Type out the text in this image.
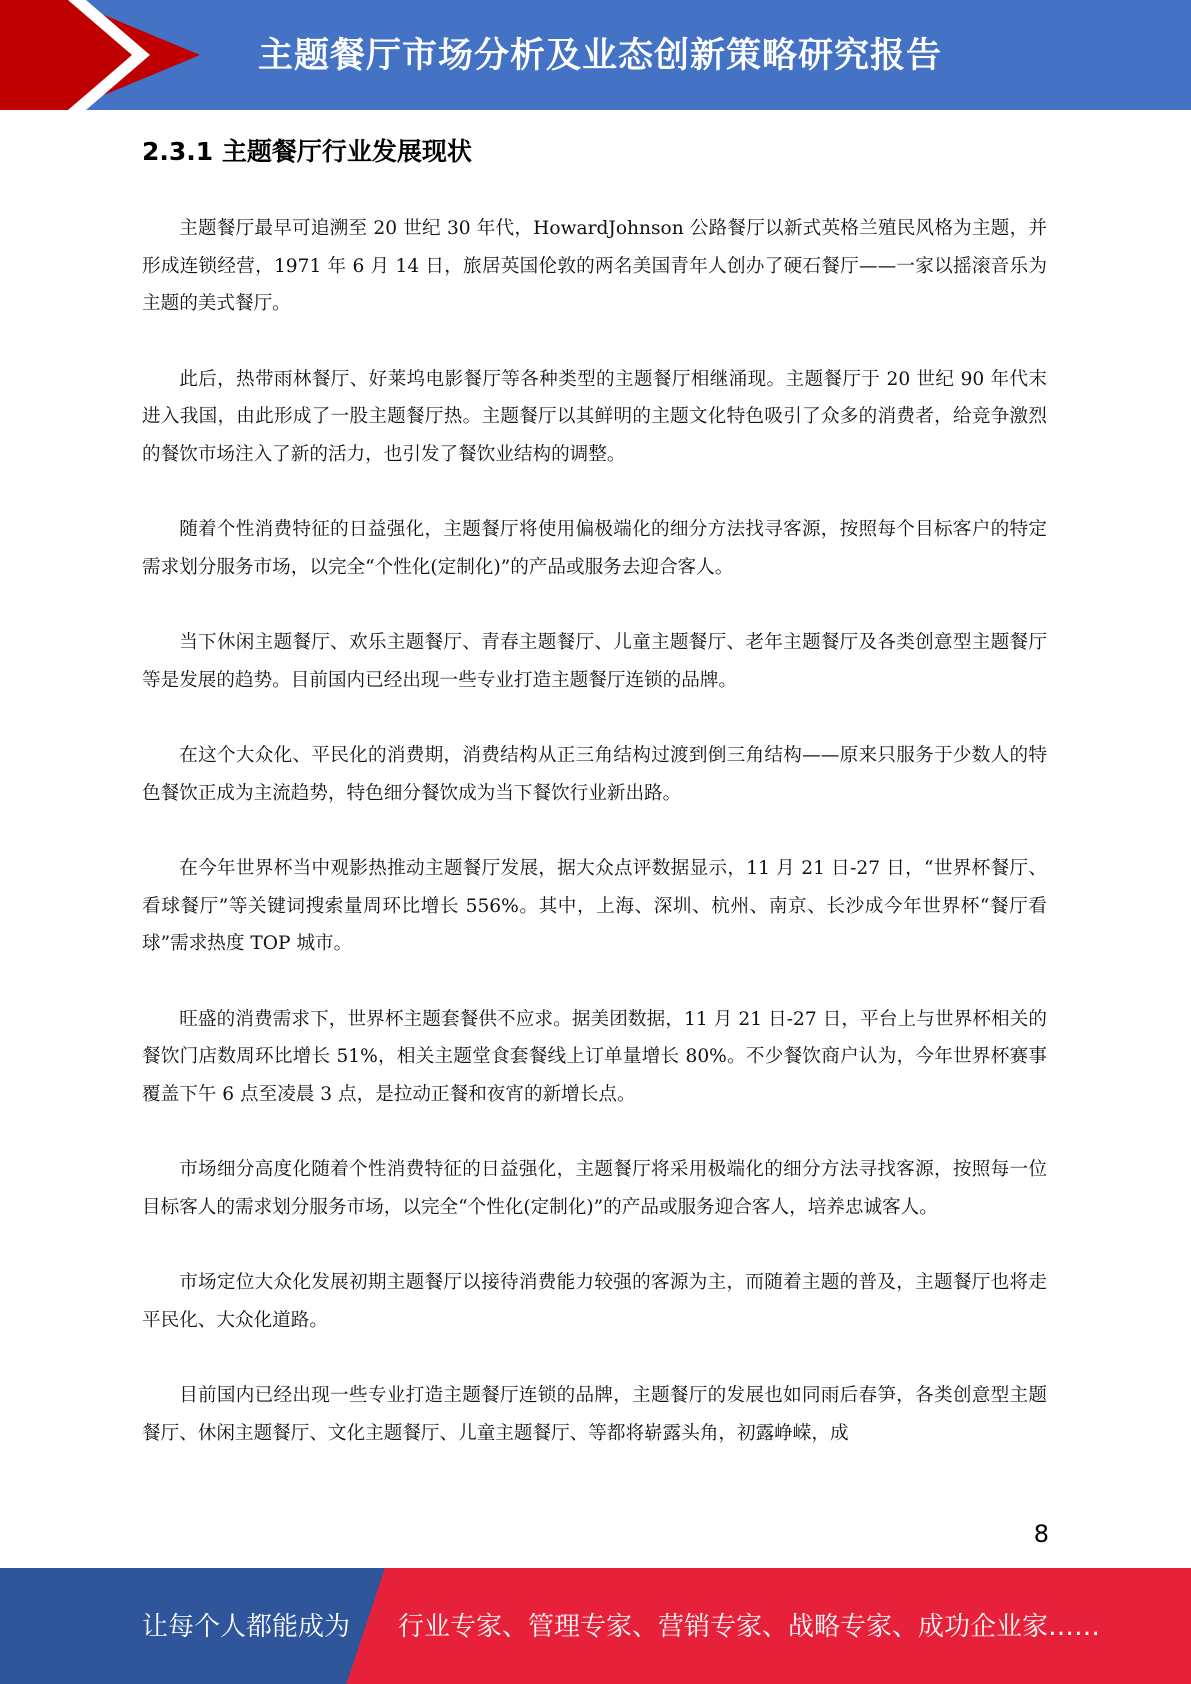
主题餐厅市场分析及业态创新策略研究报告
2.3.1 主题餐厅行业发展现状

主题餐厅最早可追溯至 20 世纪 30 年代，HowardJohnson 公路餐厅以新式英格兰殖民风格为主题，并形成连锁经营，1971 年 6 月 14 日，旅居英国伦敦的两名美国青年人创办了硬石餐厅——一家以摇滚音乐为主题的美式餐厅。

此后，热带雨林餐厅、好莱坞电影餐厅等各种类型的主题餐厅相继涌现。主题餐厅于 20 世纪 90 年代末进入我国，由此形成了一股主题餐厅热。主题餐厅以其鲜明的主题文化特色吸引了众多的消费者，给竞争激烈的餐饮市场注入了新的活力，也引发了餐饮业结构的调整。

随着个性消费特征的日益强化，主题餐厅将使用偏极端化的细分方法找寻客源，按照每个目标客户的特定需求划分服务市场，以完全“个性化(定制化)”的产品或服务去迎合客人。

当下休闲主题餐厅、欢乐主题餐厅、青春主题餐厅、儿童主题餐厅、老年主题餐厅及各类创意型主题餐厅等是发展的趋势。目前国内已经出现一些专业打造主题餐厅连锁的品牌。

在这个大众化、平民化的消费期，消费结构从正三角结构过渡到倒三角结构——原来只服务于少数人的特色餐饮正成为主流趋势，特色细分餐饮成为当下餐饮行业新出路。

在今年世界杯当中观影热推动主题餐厅发展，据大众点评数据显示，11 月 21 日-27 日，“世界杯餐厅、看球餐厅”等关键词搜索量周环比增长 556%。其中，上海、深圳、杭州、南京、长沙成今年世界杯“餐厅看球”需求热度 TOP 城市。

旺盛的消费需求下，世界杯主题套餐供不应求。据美团数据，11 月 21 日-27 日，平台上与世界杯相关的餐饮门店数周环比增长 51%，相关主题堂食套餐线上订单量增长 80%。不少餐饮商户认为，今年世界杯赛事覆盖下午 6 点至凌晨 3 点，是拉动正餐和夜宵的新增长点。

市场细分高度化随着个性消费特征的日益强化，主题餐厅将采用极端化的细分方法寻找客源，按照每一位目标客人的需求划分服务市场，以完全“个性化(定制化)”的产品或服务迎合客人，培养忠诚客人。

市场定位大众化发展初期主题餐厅以接待消费能力较强的客源为主，而随着主题的普及，主题餐厅也将走平民化、大众化道路。

目前国内已经出现一些专业打造主题餐厅连锁的品牌，主题餐厅的发展也如同雨后春笋，各类创意型主题餐厅、休闲主题餐厅、文化主题餐厅、儿童主题餐厅、等都将崭露头角，初露峥嵘，成

8
让每个人都能成为 行业专家、管理专家、营销专家、战略专家、成功企业家……
